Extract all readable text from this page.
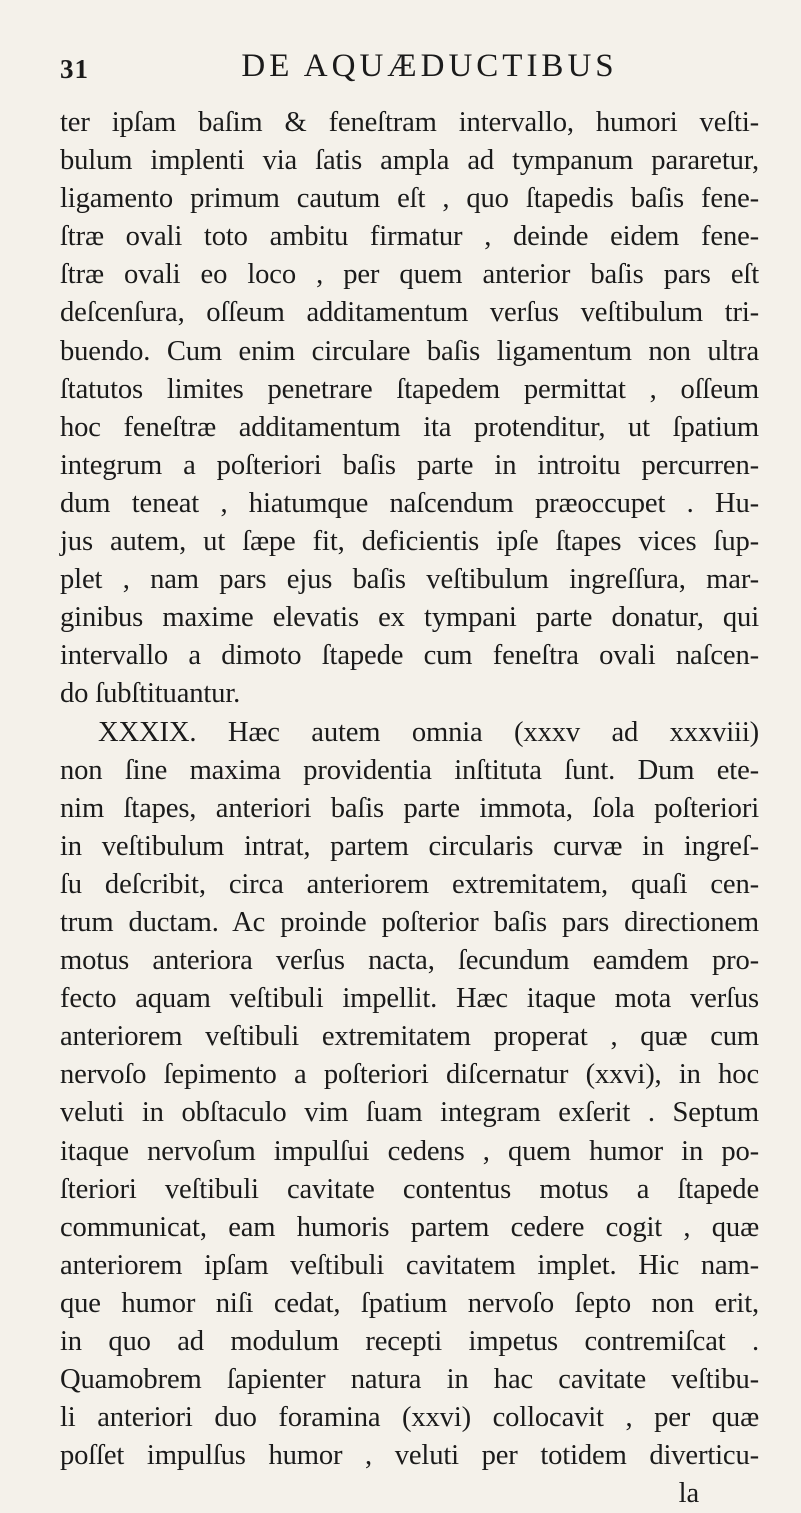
31	DE AQUÆDUCTIBUS
ter ipſam baſim & feneſtram intervallo, humori veſti-
bulum implenti via ſatis ampla ad tympanum pararetur,
ligamento primum cautum eſt , quo ſtapedis baſis fene-
ſtræ ovali toto ambitu firmatur , deinde eidem fene-
ſtræ ovali eo loco , per quem anterior baſis pars eſt
deſcenſura, oſſeum additamentum verſus veſtibulum tri-
buendo. Cum enim circulare baſis ligamentum non ultra
ſtatutos limites penetrare ſtapedem permittat , oſſeum
hoc feneſtræ additamentum ita protenditur, ut ſpatium
integrum a poſteriori baſis parte in introitu percurren-
dum teneat , hiatumque naſcendum præoccupet . Hu-
jus autem, ut ſæpe fit, deficientis ipſe ſtapes vices ſup-
plet , nam pars ejus baſis veſtibulum ingreſſura, mar-
ginibus maxime elevatis ex tympani parte donatur, qui
intervallo a dimoto ſtapede cum feneſtra ovali naſcen-
do ſubſtituantur.
XXXIX. Hæc autem omnia (xxxv ad xxxviii)
non ſine maxima providentia inſtituta ſunt. Dum ete-
nim ſtapes, anteriori baſis parte immota, ſola poſteriori
in veſtibulum intrat, partem circularis curvæ in ingreſ-
ſu deſcribit, circa anteriorem extremitatem, quaſi cen-
trum ductam. Ac proinde poſterior baſis pars directionem
motus anteriora verſus nacta, ſecundum eamdem pro-
fecto aquam veſtibuli impellit. Hæc itaque mota verſus
anteriorem veſtibuli extremitatem properat , quæ cum
nervoſo ſepimento a poſteriori diſcernatur (xxvi), in hoc
veluti in obſtaculo vim ſuam integram exſerit . Septum
itaque nervoſum impulſui cedens , quem humor in po-
ſteriori veſtibuli cavitate contentus motus a ſtapede
communicat, eam humoris partem cedere cogit , quæ
anteriorem ipſam veſtibuli cavitatem implet. Hic nam-
que humor niſi cedat, ſpatium nervoſo ſepto non erit,
in quo ad modulum recepti impetus contremiſcat .
Quamobrem ſapienter natura in hac cavitate veſtibu-
li anteriori duo foramina (xxvi) collocavit , per quæ
poſſet impulſus humor , veluti per totidem diverticu-
la
